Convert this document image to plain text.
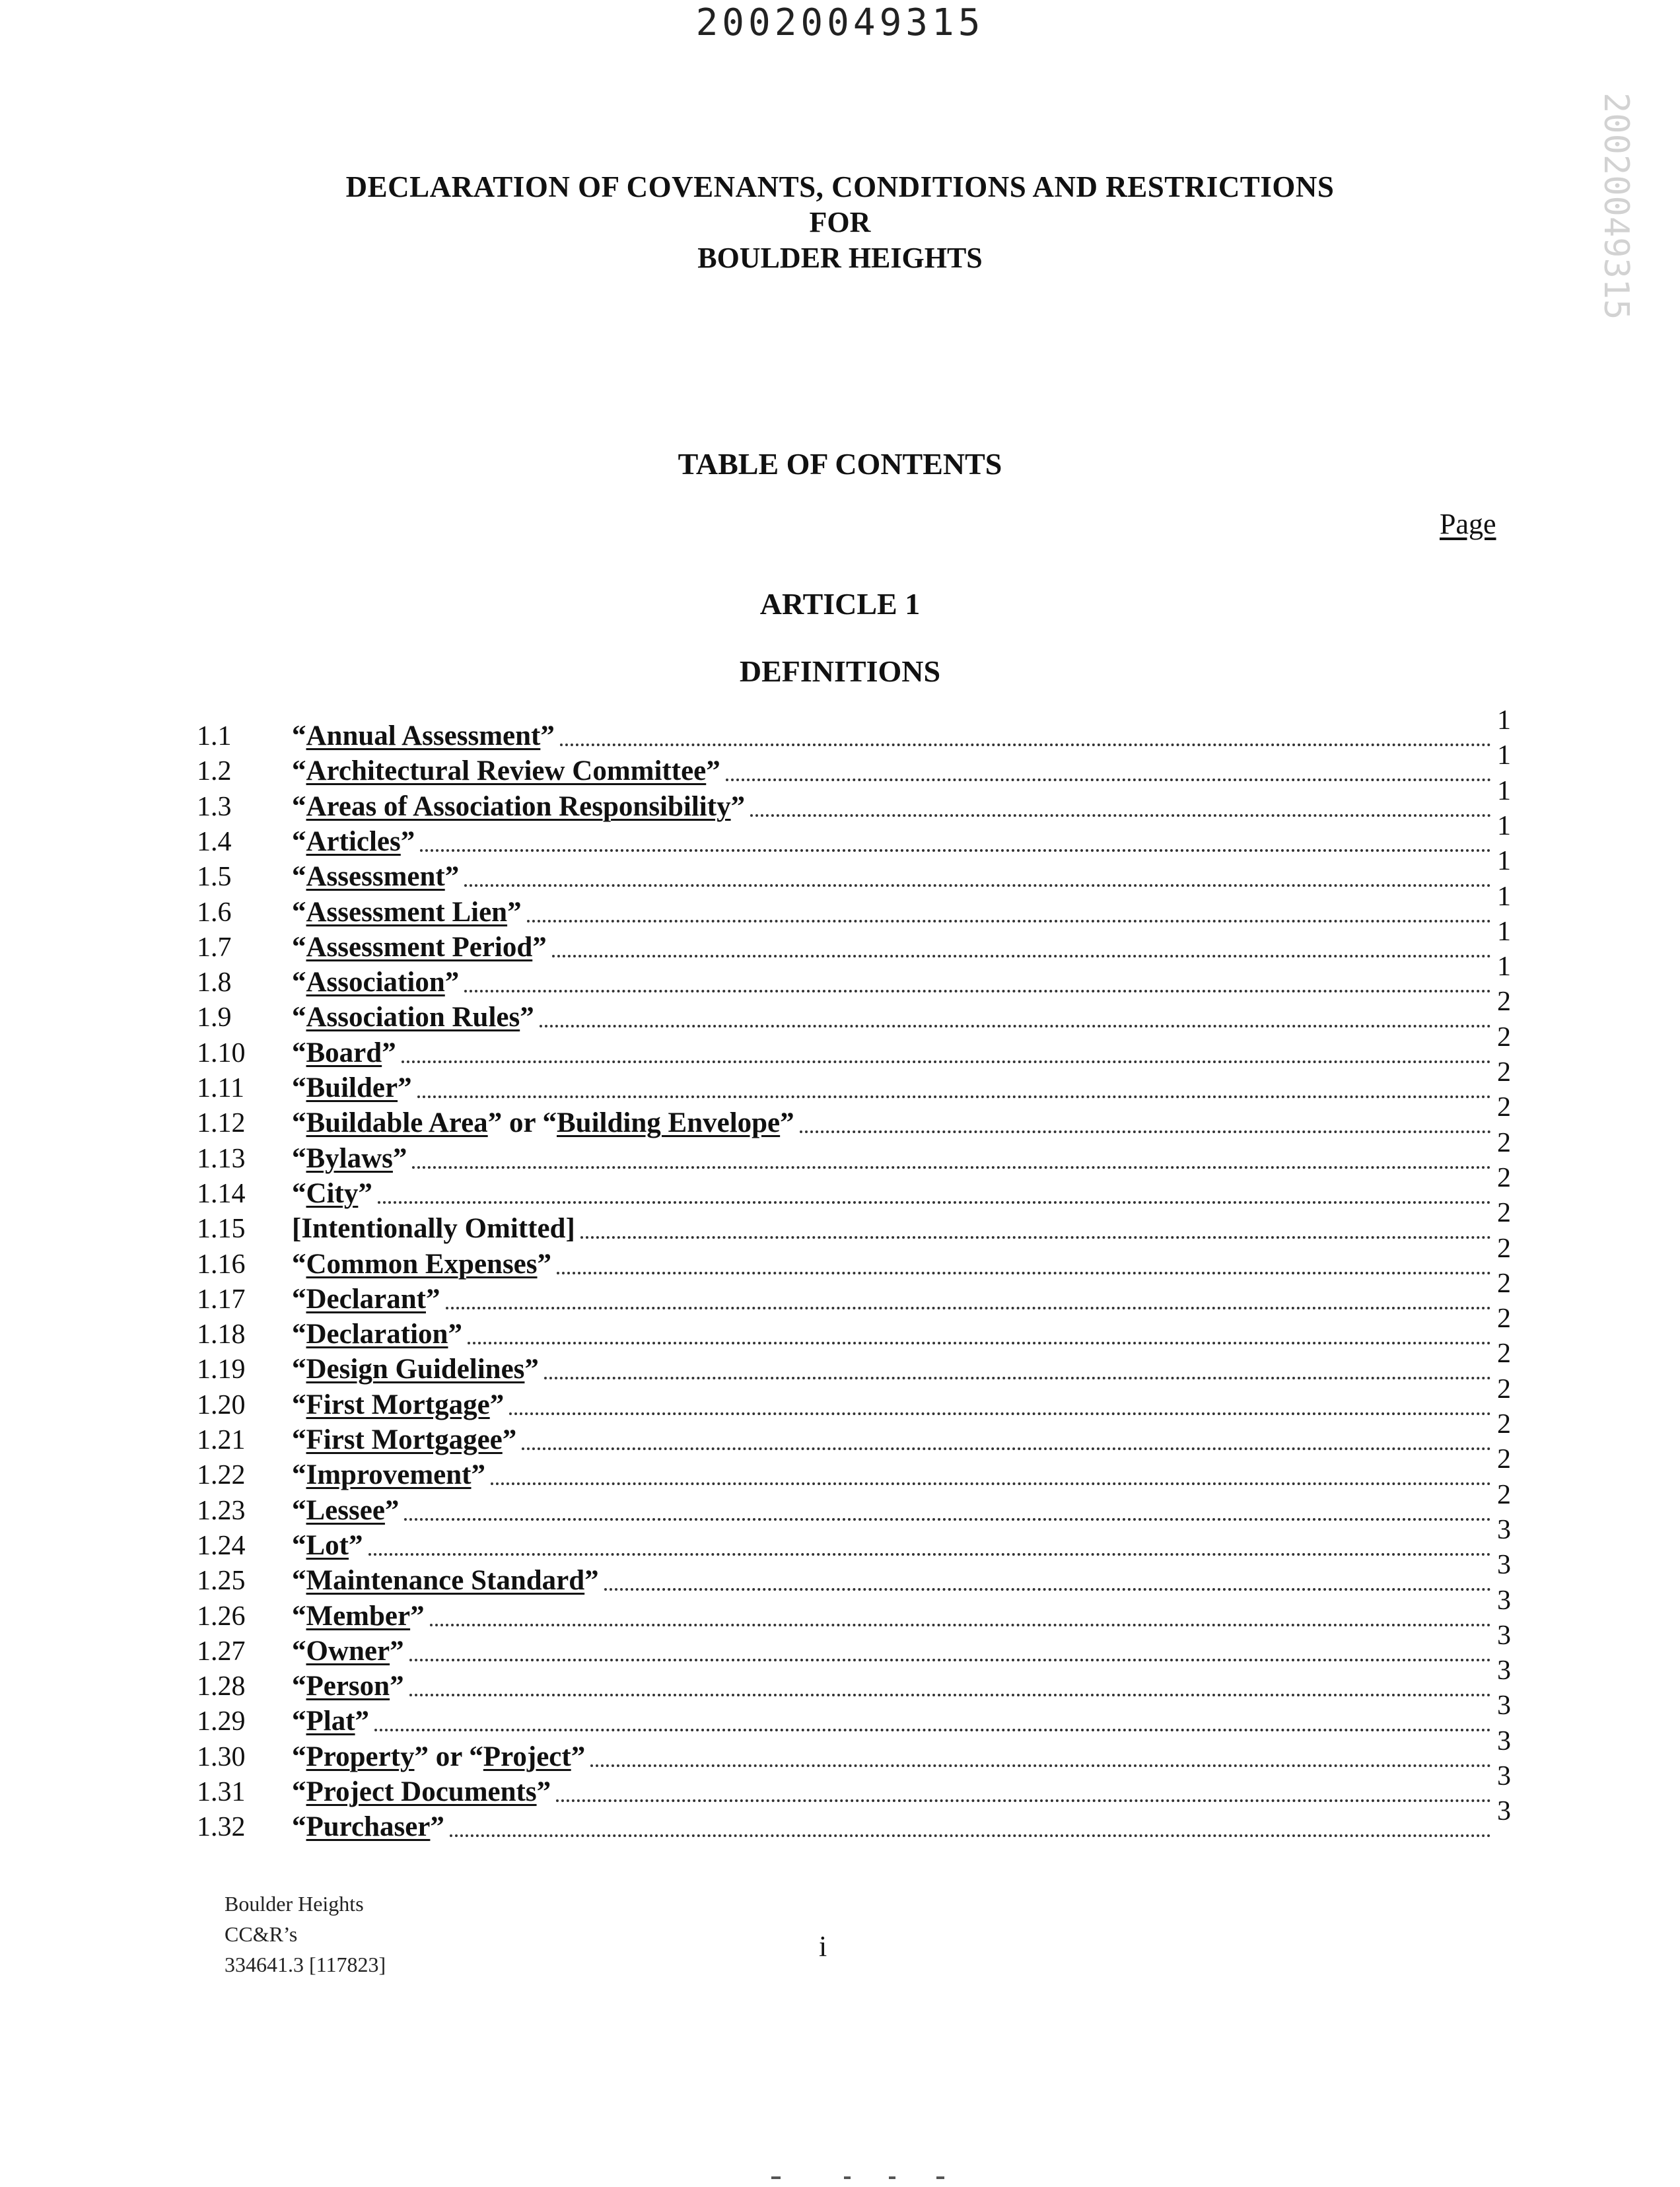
20020049315
20020049315
DECLARATION OF COVENANTS, CONDITIONS AND RESTRICTIONS
FOR
BOULDER HEIGHTS
TABLE OF CONTENTS
Page
ARTICLE 1
DEFINITIONS
1.1	“Annual Assessment”	1
1.2	“Architectural Review Committee”	1
1.3	“Areas of Association Responsibility”	1
1.4	“Articles”	1
1.5	“Assessment”	1
1.6	“Assessment Lien”	1
1.7	“Assessment Period”	1
1.8	“Association”	1
1.9	“Association Rules”	2
1.10	“Board”	2
1.11	“Builder”	2
1.12	“Buildable Area” or “Building Envelope”	2
1.13	“Bylaws”	2
1.14	“City”	2
1.15	[Intentionally Omitted]	2
1.16	“Common Expenses”	2
1.17	“Declarant”	2
1.18	“Declaration”	2
1.19	“Design Guidelines”	2
1.20	“First Mortgage”	2
1.21	“First Mortgagee”	2
1.22	“Improvement”	2
1.23	“Lessee”	2
1.24	“Lot”	3
1.25	“Maintenance Standard”	3
1.26	“Member”	3
1.27	“Owner”	3
1.28	“Person”	3
1.29	“Plat”	3
1.30	“Property” or “Project”	3
1.31	“Project Documents”	3
1.32	“Purchaser”	3
Boulder Heights
CC&R’s
334641.3 [117823]
i
